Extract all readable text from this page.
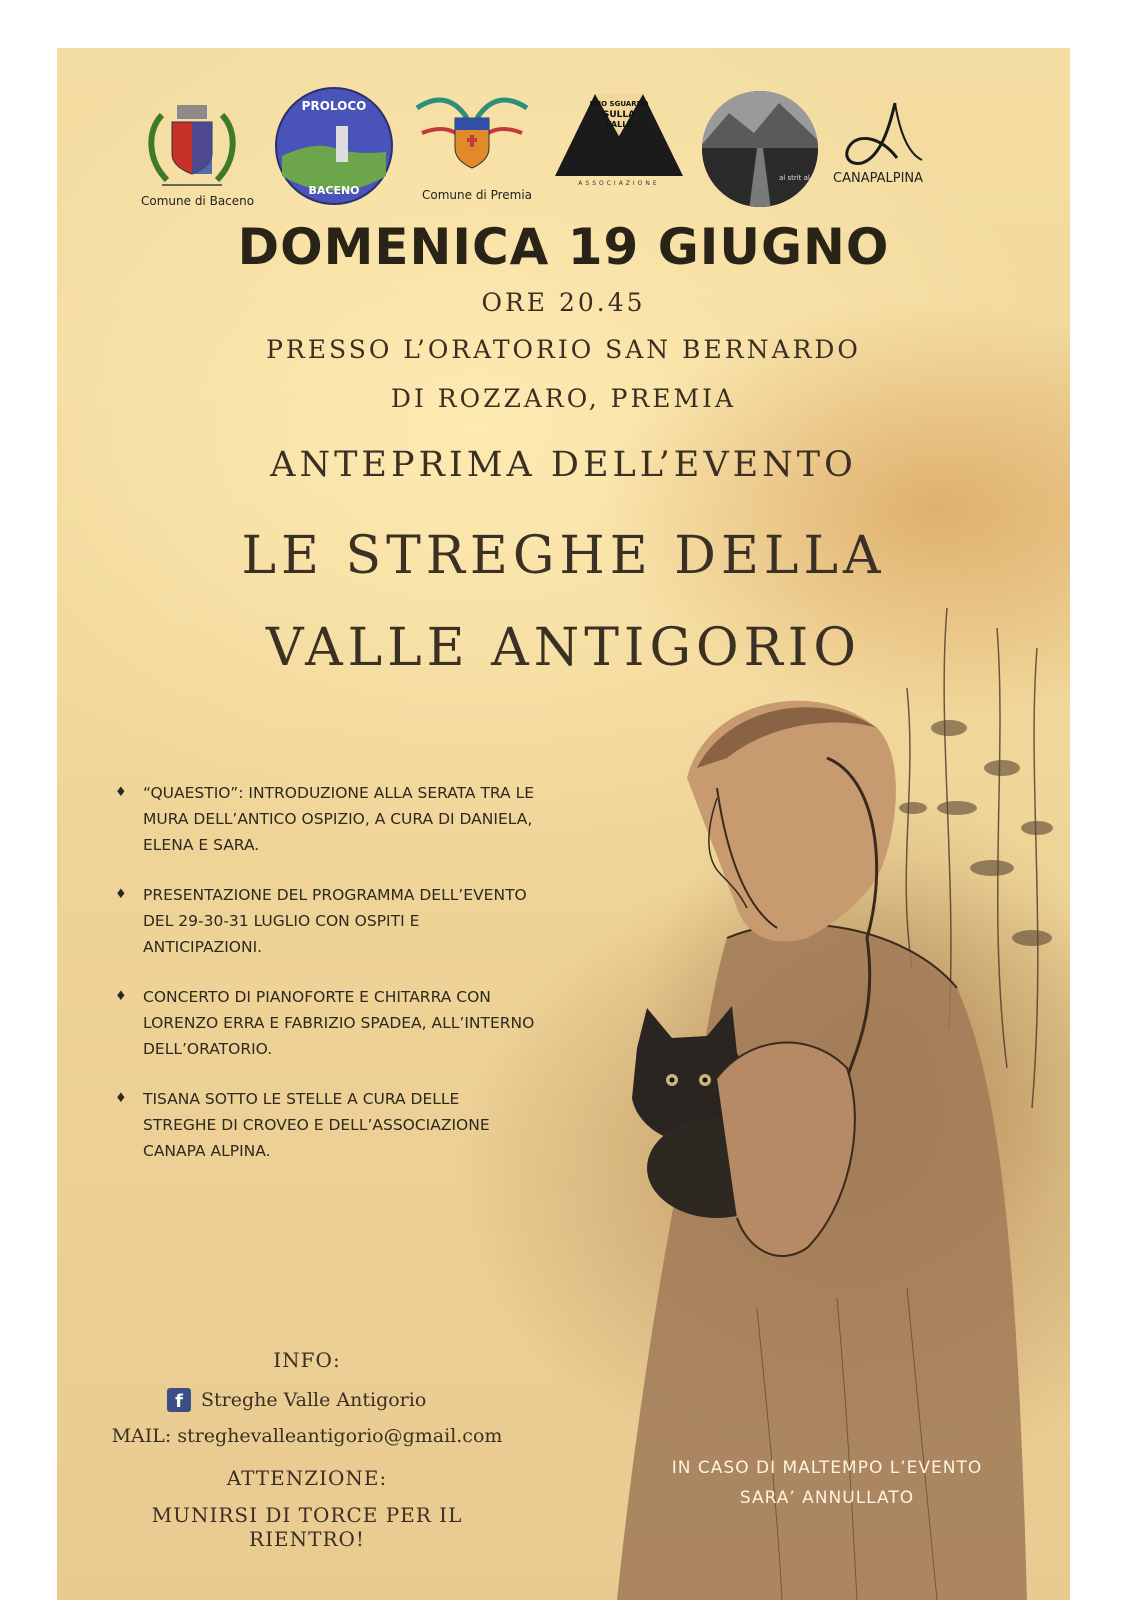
Comune di Baceno
PROLOCO
BACENO	Comune di Premia
UNO SGUARDO
SULLA
VALLE
ASSOCIAZIONE
al strit al Cal CANAPALPINA
DOMENICA 19 GIUGNO
ORE 20.45
PRESSO L’ORATORIO SAN BERNARDO
DI ROZZARO, PREMIA
ANTEPRIMA DELL’EVENTO
LE STREGHE DELLA
VALLE ANTIGORIO
♦ “QUAESTIO”: INTRODUZIONE ALLA SERATA TRA LE MURA DELL’ANTICO OSPIZIO, A CURA DI DANIELA, ELENA E SARA.
♦ PRESENTAZIONE DEL PROGRAMMA DELL’EVENTO DEL 29-30-31 LUGLIO CON OSPITI E ANTICIPAZIONI.
♦ CONCERTO DI PIANOFORTE E CHITARRA CON LORENZO ERRA E FABRIZIO SPADEA, ALL’INTERNO DELL’ORATORIO.
♦ TISANA SOTTO LE STELLE A CURA DELLE STREGHE DI CROVEO E DELL’ASSOCIAZIONE CANAPA ALPINA.
INFO:
f Streghe Valle Antigorio
MAIL: streghevalleantigorio@gmail.com
ATTENZIONE:
MUNIRSI DI TORCE PER IL RIENTRO!
IN CASO DI MALTEMPO L’EVENTO
SARA’ ANNULLATO
